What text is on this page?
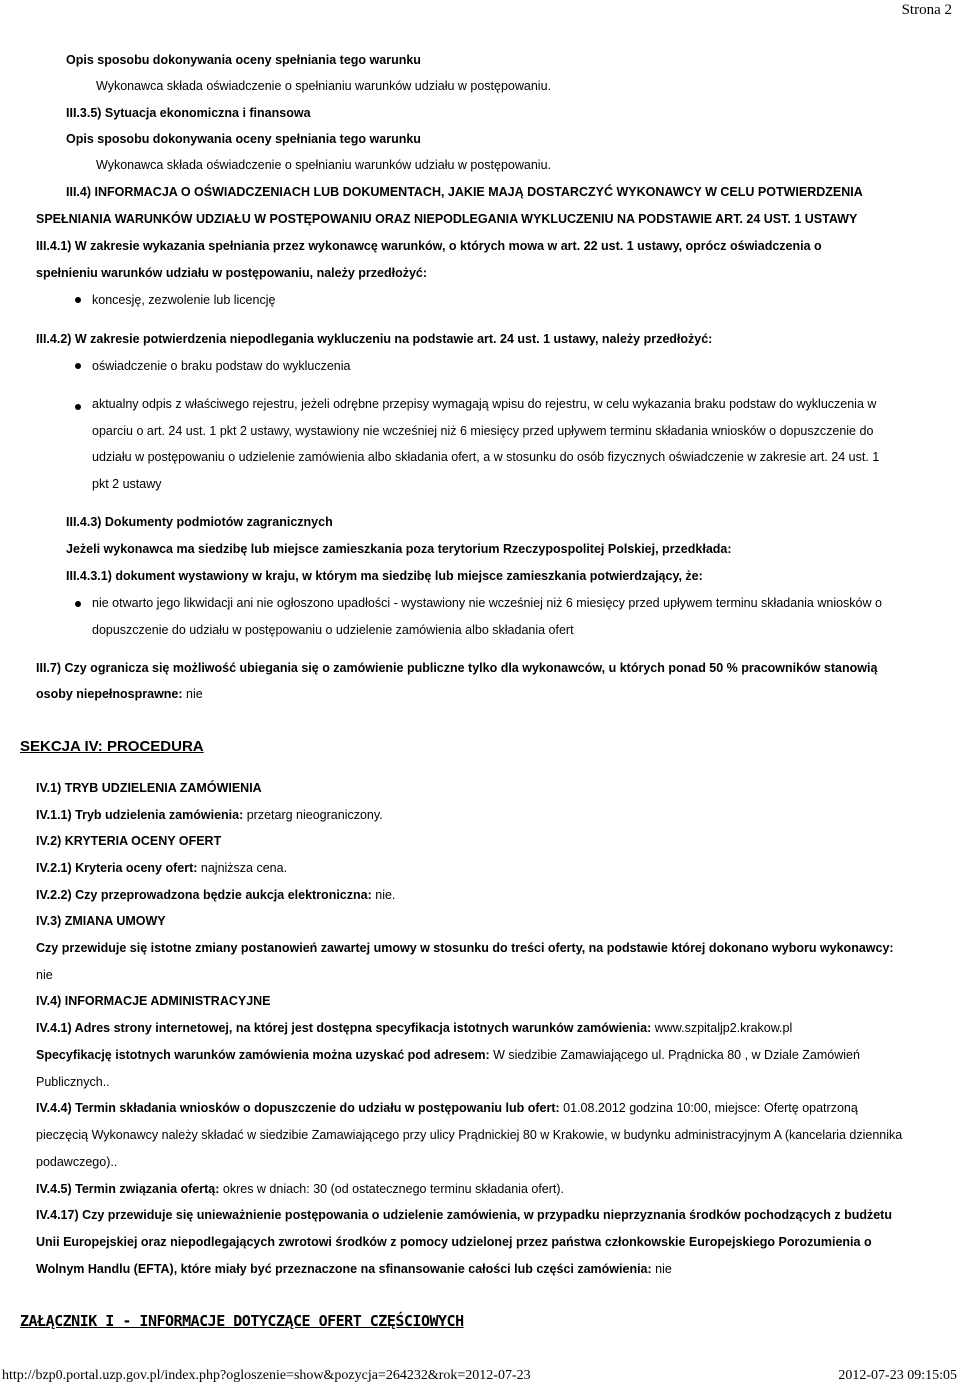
Strona 2
Opis sposobu dokonywania oceny spełniania tego warunku
Wykonawca składa oświadczenie o spełnianiu warunków udziału w postępowaniu.
III.3.5) Sytuacja ekonomiczna i finansowa
Opis sposobu dokonywania oceny spełniania tego warunku
Wykonawca składa oświadczenie o spełnianiu warunków udziału w postępowaniu.
III.4) INFORMACJA O OŚWIADCZENIACH LUB DOKUMENTACH, JAKIE MAJĄ DOSTARCZYĆ WYKONAWCY W CELU POTWIERDZENIA
SPEŁNIANIA WARUNKÓW UDZIAŁU W POSTĘPOWANIU ORAZ NIEPODLEGANIA WYKLUCZENIU NA PODSTAWIE ART. 24 UST. 1 USTAWY
III.4.1) W zakresie wykazania spełniania przez wykonawcę warunków, o których mowa w art. 22 ust. 1 ustawy, oprócz oświadczenia o
spełnieniu warunków udziału w postępowaniu, należy przedłożyć:
koncesję, zezwolenie lub licencję
III.4.2) W zakresie potwierdzenia niepodlegania wykluczeniu na podstawie art. 24 ust. 1 ustawy, należy przedłożyć:
oświadczenie o braku podstaw do wykluczenia
aktualny odpis z właściwego rejestru, jeżeli odrębne przepisy wymagają wpisu do rejestru, w celu wykazania braku podstaw do wykluczenia w
oparciu o art. 24 ust. 1 pkt 2 ustawy, wystawiony nie wcześniej niż 6 miesięcy przed upływem terminu składania wniosków o dopuszczenie do
udziału w postępowaniu o udzielenie zamówienia albo składania ofert, a w stosunku do osób fizycznych oświadczenie w zakresie art. 24 ust. 1
pkt 2 ustawy
III.4.3) Dokumenty podmiotów zagranicznych
Jeżeli wykonawca ma siedzibę lub miejsce zamieszkania poza terytorium Rzeczypospolitej Polskiej, przedkłada:
III.4.3.1) dokument wystawiony w kraju, w którym ma siedzibę lub miejsce zamieszkania potwierdzający, że:
nie otwarto jego likwidacji ani nie ogłoszono upadłości - wystawiony nie wcześniej niż 6 miesięcy przed upływem terminu składania wniosków o
dopuszczenie do udziału w postępowaniu o udzielenie zamówienia albo składania ofert
III.7) Czy ogranicza się możliwość ubiegania się o zamówienie publiczne tylko dla wykonawców, u których ponad 50 % pracowników stanowią
osoby niepełnosprawne: nie
SEKCJA IV: PROCEDURA
IV.1) TRYB UDZIELENIA ZAMÓWIENIA
IV.1.1) Tryb udzielenia zamówienia: przetarg nieograniczony.
IV.2) KRYTERIA OCENY OFERT
IV.2.1) Kryteria oceny ofert: najniższa cena.
IV.2.2) Czy przeprowadzona będzie aukcja elektroniczna: nie.
IV.3) ZMIANA UMOWY
Czy przewiduje się istotne zmiany postanowień zawartej umowy w stosunku do treści oferty, na podstawie której dokonano wyboru wykonawcy:
nie
IV.4) INFORMACJE ADMINISTRACYJNE
IV.4.1) Adres strony internetowej, na której jest dostępna specyfikacja istotnych warunków zamówienia: www.szpitaljp2.krakow.pl
Specyfikację istotnych warunków zamówienia można uzyskać pod adresem: W siedzibie Zamawiającego ul. Prądnicka 80 , w Dziale Zamówień
Publicznych..
IV.4.4) Termin składania wniosków o dopuszczenie do udziału w postępowaniu lub ofert: 01.08.2012 godzina 10:00, miejsce: Ofertę opatrzoną
pieczęcią Wykonawcy należy składać w siedzibie Zamawiającego przy ulicy Prądnickiej 80 w Krakowie, w budynku administracyjnym A (kancelaria dziennika
podawczego)..
IV.4.5) Termin związania ofertą: okres w dniach: 30 (od ostatecznego terminu składania ofert).
IV.4.17) Czy przewiduje się unieważnienie postępowania o udzielenie zamówienia, w przypadku nieprzyznania środków pochodzących z budżetu
Unii Europejskiej oraz niepodlegających zwrotowi środków z pomocy udzielonej przez państwa członkowskie Europejskiego Porozumienia o
Wolnym Handlu (EFTA), które miały być przeznaczone na sfinansowanie całości lub części zamówienia: nie
ZAŁĄCZNIK I - INFORMACJE DOTYCZĄCE OFERT CZĘŚCIOWYCH
http://bzp0.portal.uzp.gov.pl/index.php?ogloszenie=show&pozycja=264232&rok=2012-07-23	2012-07-23 09:15:05
